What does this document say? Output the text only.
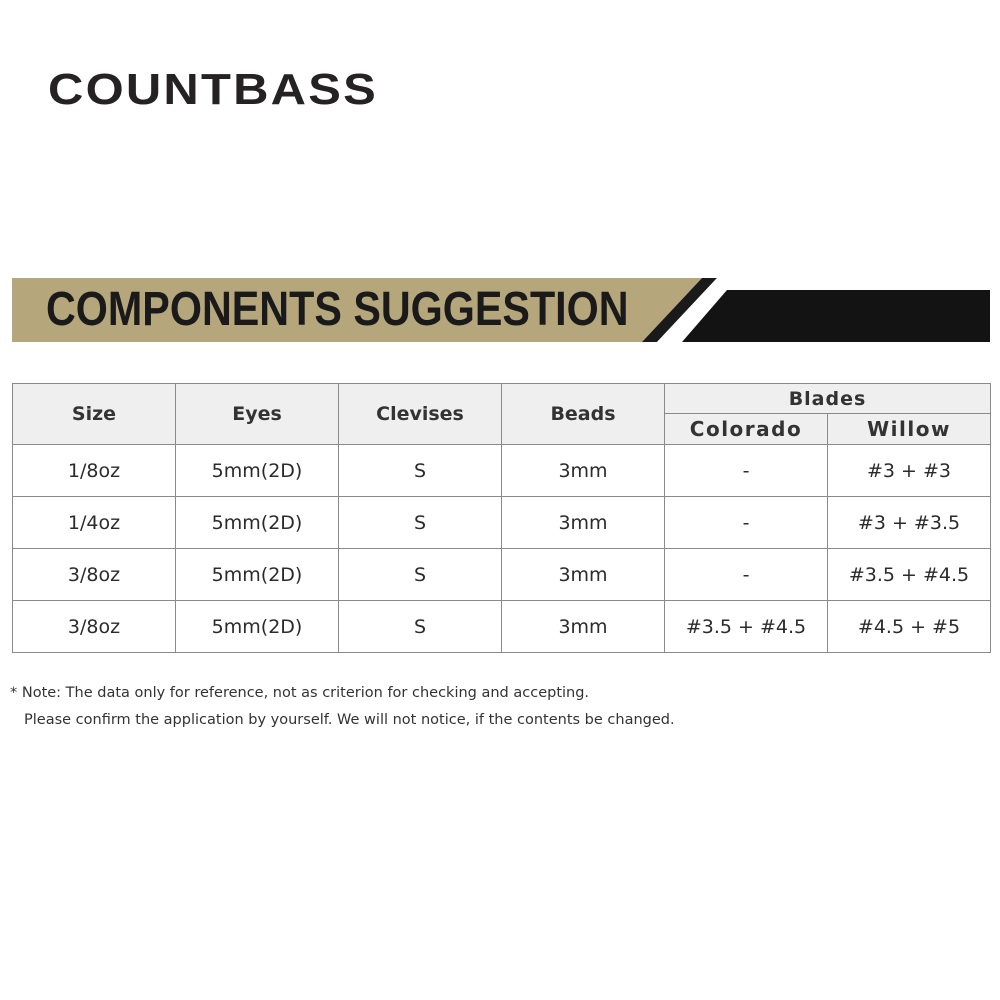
COUNTBASS
COMPONENTS SUGGESTION
Size	Eyes	Clevises	Beads	Blades	
				Colorado	Willow
1/8oz	5mm(2D)	S	3mm	-	#3 + #3
1/4oz	5mm(2D)	S	3mm	-	#3 + #3.5
3/8oz	5mm(2D)	S	3mm	-	#3.5 + #4.5
3/8oz	5mm(2D)	S	3mm	#3.5 + #4.5	#4.5 + #5
* Note: The data only for reference, not as criterion for checking and accepting.
Please confirm the application by yourself. We will not notice, if the contents be changed.
